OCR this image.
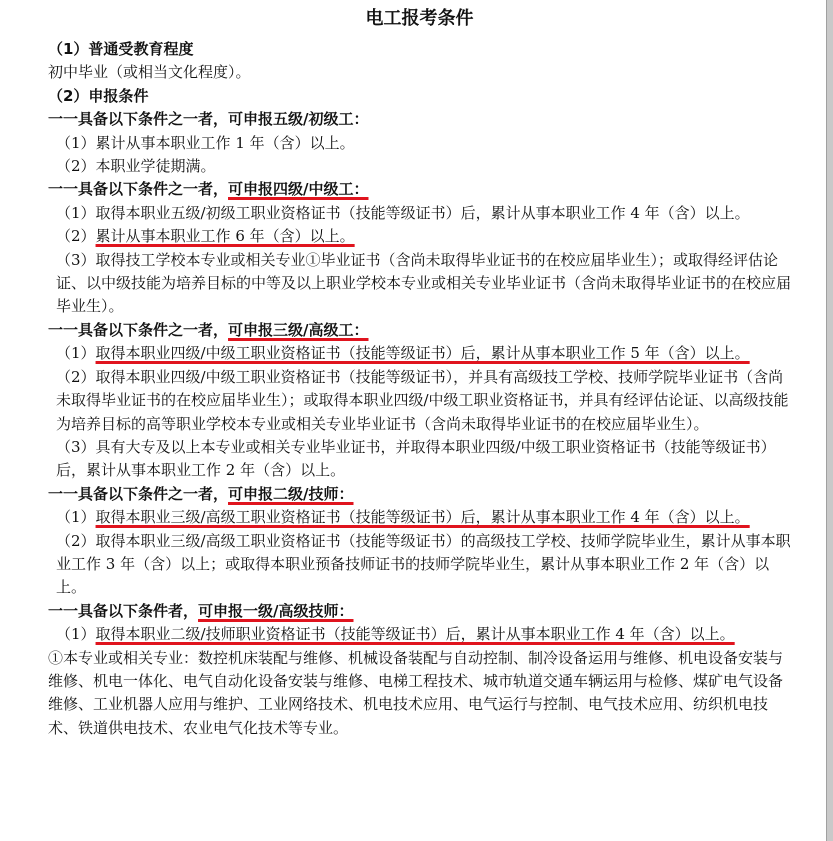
电工报考条件
（1）普通受教育程度
初中毕业（或相当文化程度）。
（2）申报条件
一一具备以下条件之一者，可申报五级/初级工：
（1）累计从事本职业工作 1 年（含）以上。
（2）本职业学徒期满。
一一具备以下条件之一者，可申报四级/中级工：
（1）取得本职业五级/初级工职业资格证书（技能等级证书）后，累计从事本职业工作 4 年（含）以上。
（2）累计从事本职业工作 6 年（含）以上。
（3）取得技工学校本专业或相关专业①毕业证书（含尚未取得毕业证书的在校应届毕业生）；或取得经评估论证、以中级技能为培养目标的中等及以上职业学校本专业或相关专业毕业证书（含尚未取得毕业证书的在校应届毕业生）。
一一具备以下条件之一者，可申报三级/高级工：
（1）取得本职业四级/中级工职业资格证书（技能等级证书）后，累计从事本职业工作 5 年（含）以上。
（2）取得本职业四级/中级工职业资格证书（技能等级证书），并具有高级技工学校、技师学院毕业证书（含尚未取得毕业证书的在校应届毕业生）；或取得本职业四级/中级工职业资格证书，并具有经评估论证、以高级技能为培养目标的高等职业学校本专业或相关专业毕业证书（含尚未取得毕业证书的在校应届毕业生）。
（3）具有大专及以上本专业或相关专业毕业证书，并取得本职业四级/中级工职业资格证书（技能等级证书）后，累计从事本职业工作 2 年（含）以上。
一一具备以下条件之一者，可申报二级/技师：
（1）取得本职业三级/高级工职业资格证书（技能等级证书）后，累计从事本职业工作 4 年（含）以上。
（2）取得本职业三级/高级工职业资格证书（技能等级证书）的高级技工学校、技师学院毕业生，累计从事本职业工作 3 年（含）以上；或取得本职业预备技师证书的技师学院毕业生，累计从事本职业工作 2 年（含）以上。
一一具备以下条件者，可申报一级/高级技师：
（1）取得本职业二级/技师职业资格证书（技能等级证书）后，累计从事本职业工作 4 年（含）以上。
①本专业或相关专业：数控机床装配与维修、机械设备装配与自动控制、制冷设备运用与维修、机电设备安装与维修、机电一体化、电气自动化设备安装与维修、电梯工程技术、城市轨道交通车辆运用与检修、煤矿电气设备维修、工业机器人应用与维护、工业网络技术、机电技术应用、电气运行与控制、电气技术应用、纺织机电技术、铁道供电技术、农业电气化技术等专业。
